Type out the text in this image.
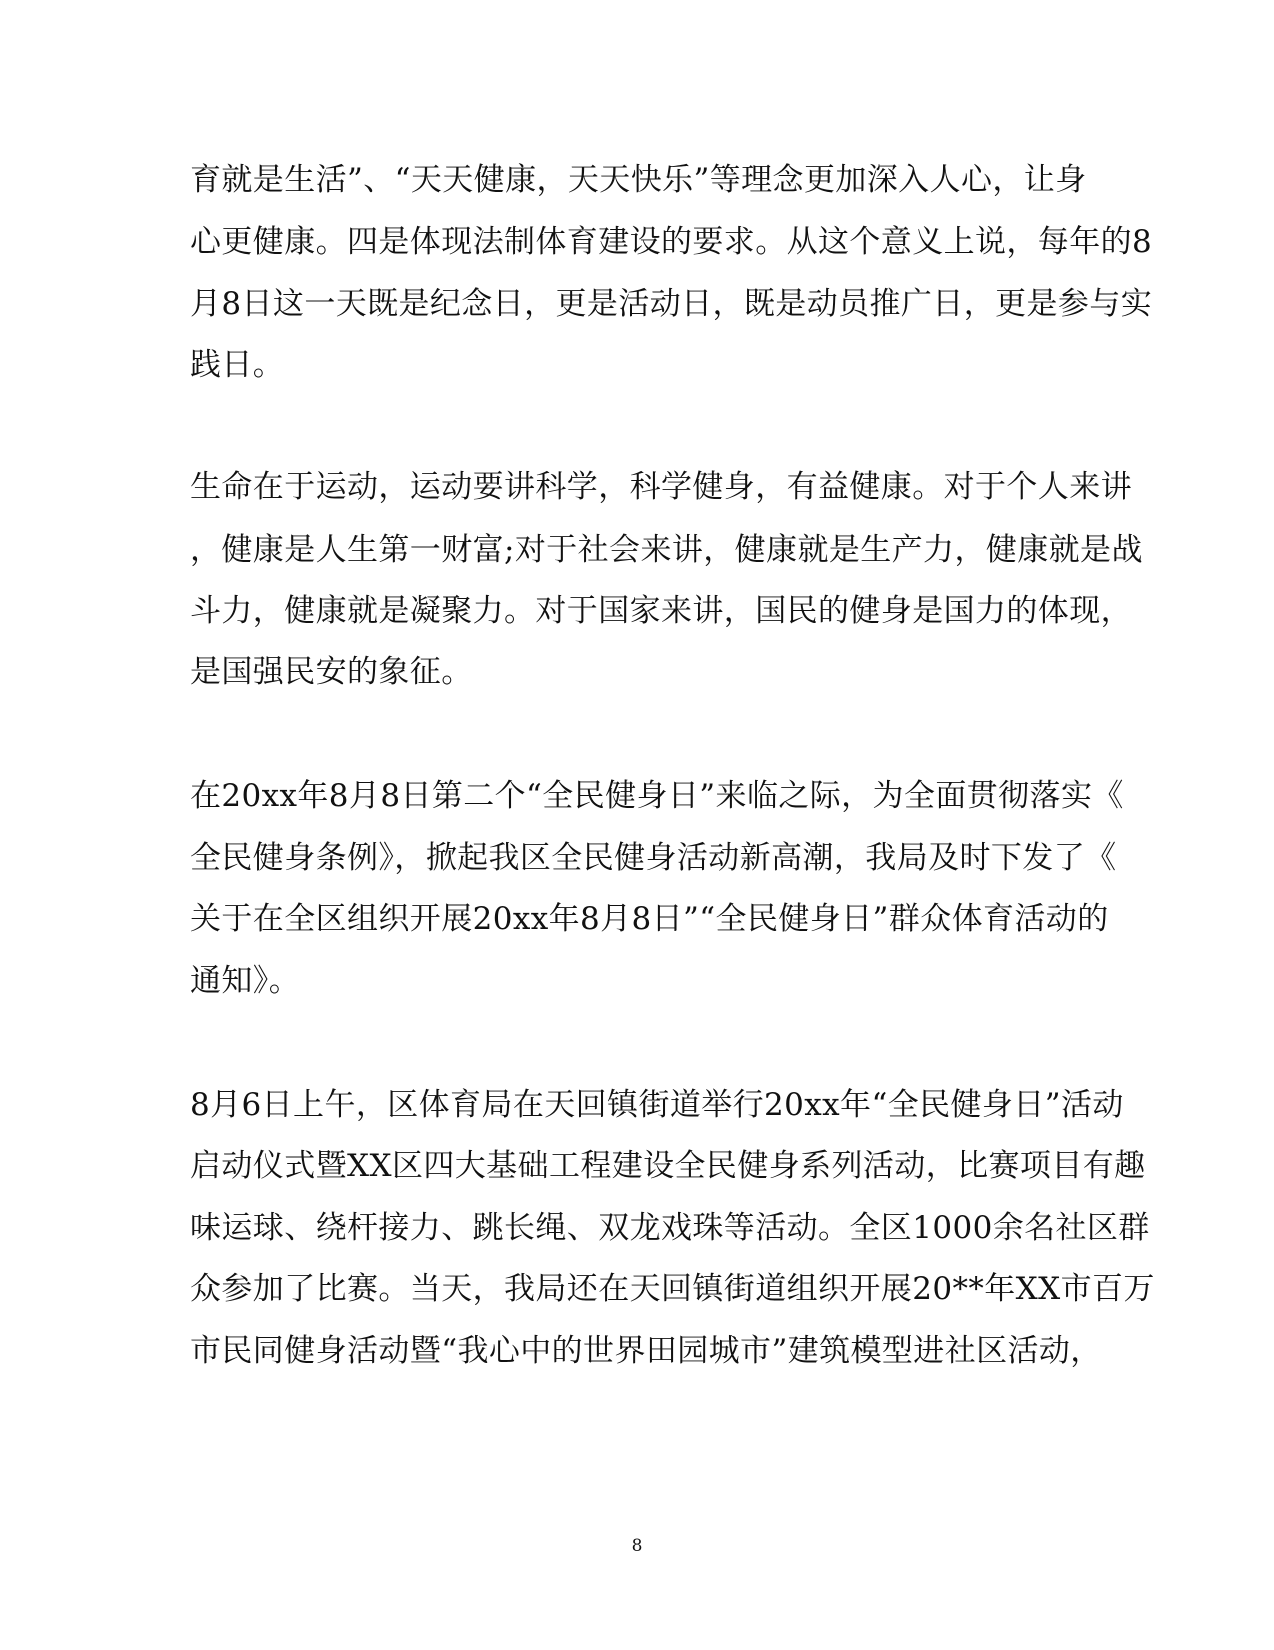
育就是生活”、“天天健康，天天快乐”等理念更加深入人心，让身
心更健康。四是体现法制体育建设的要求。从这个意义上说，每年的8
月8日这一天既是纪念日，更是活动日，既是动员推广日，更是参与实
践日。
生命在于运动，运动要讲科学，科学健身，有益健康。对于个人来讲
，健康是人生第一财富;对于社会来讲，健康就是生产力，健康就是战
斗力，健康就是凝聚力。对于国家来讲，国民的健身是国力的体现，
是国强民安的象征。
在20xx年8月8日第二个“全民健身日”来临之际，为全面贯彻落实《
全民健身条例》，掀起我区全民健身活动新高潮，我局及时下发了《
关于在全区组织开展20xx年8月8日”“全民健身日”群众体育活动的
通知》。
8月6日上午，区体育局在天回镇街道举行20xx年“全民健身日”活动
启动仪式暨XX区四大基础工程建设全民健身系列活动，比赛项目有趣
味运球、绕杆接力、跳长绳、双龙戏珠等活动。全区1000余名社区群
众参加了比赛。当天，我局还在天回镇街道组织开展20**年XX市百万
市民同健身活动暨“我心中的世界田园城市”建筑模型进社区活动，
8
